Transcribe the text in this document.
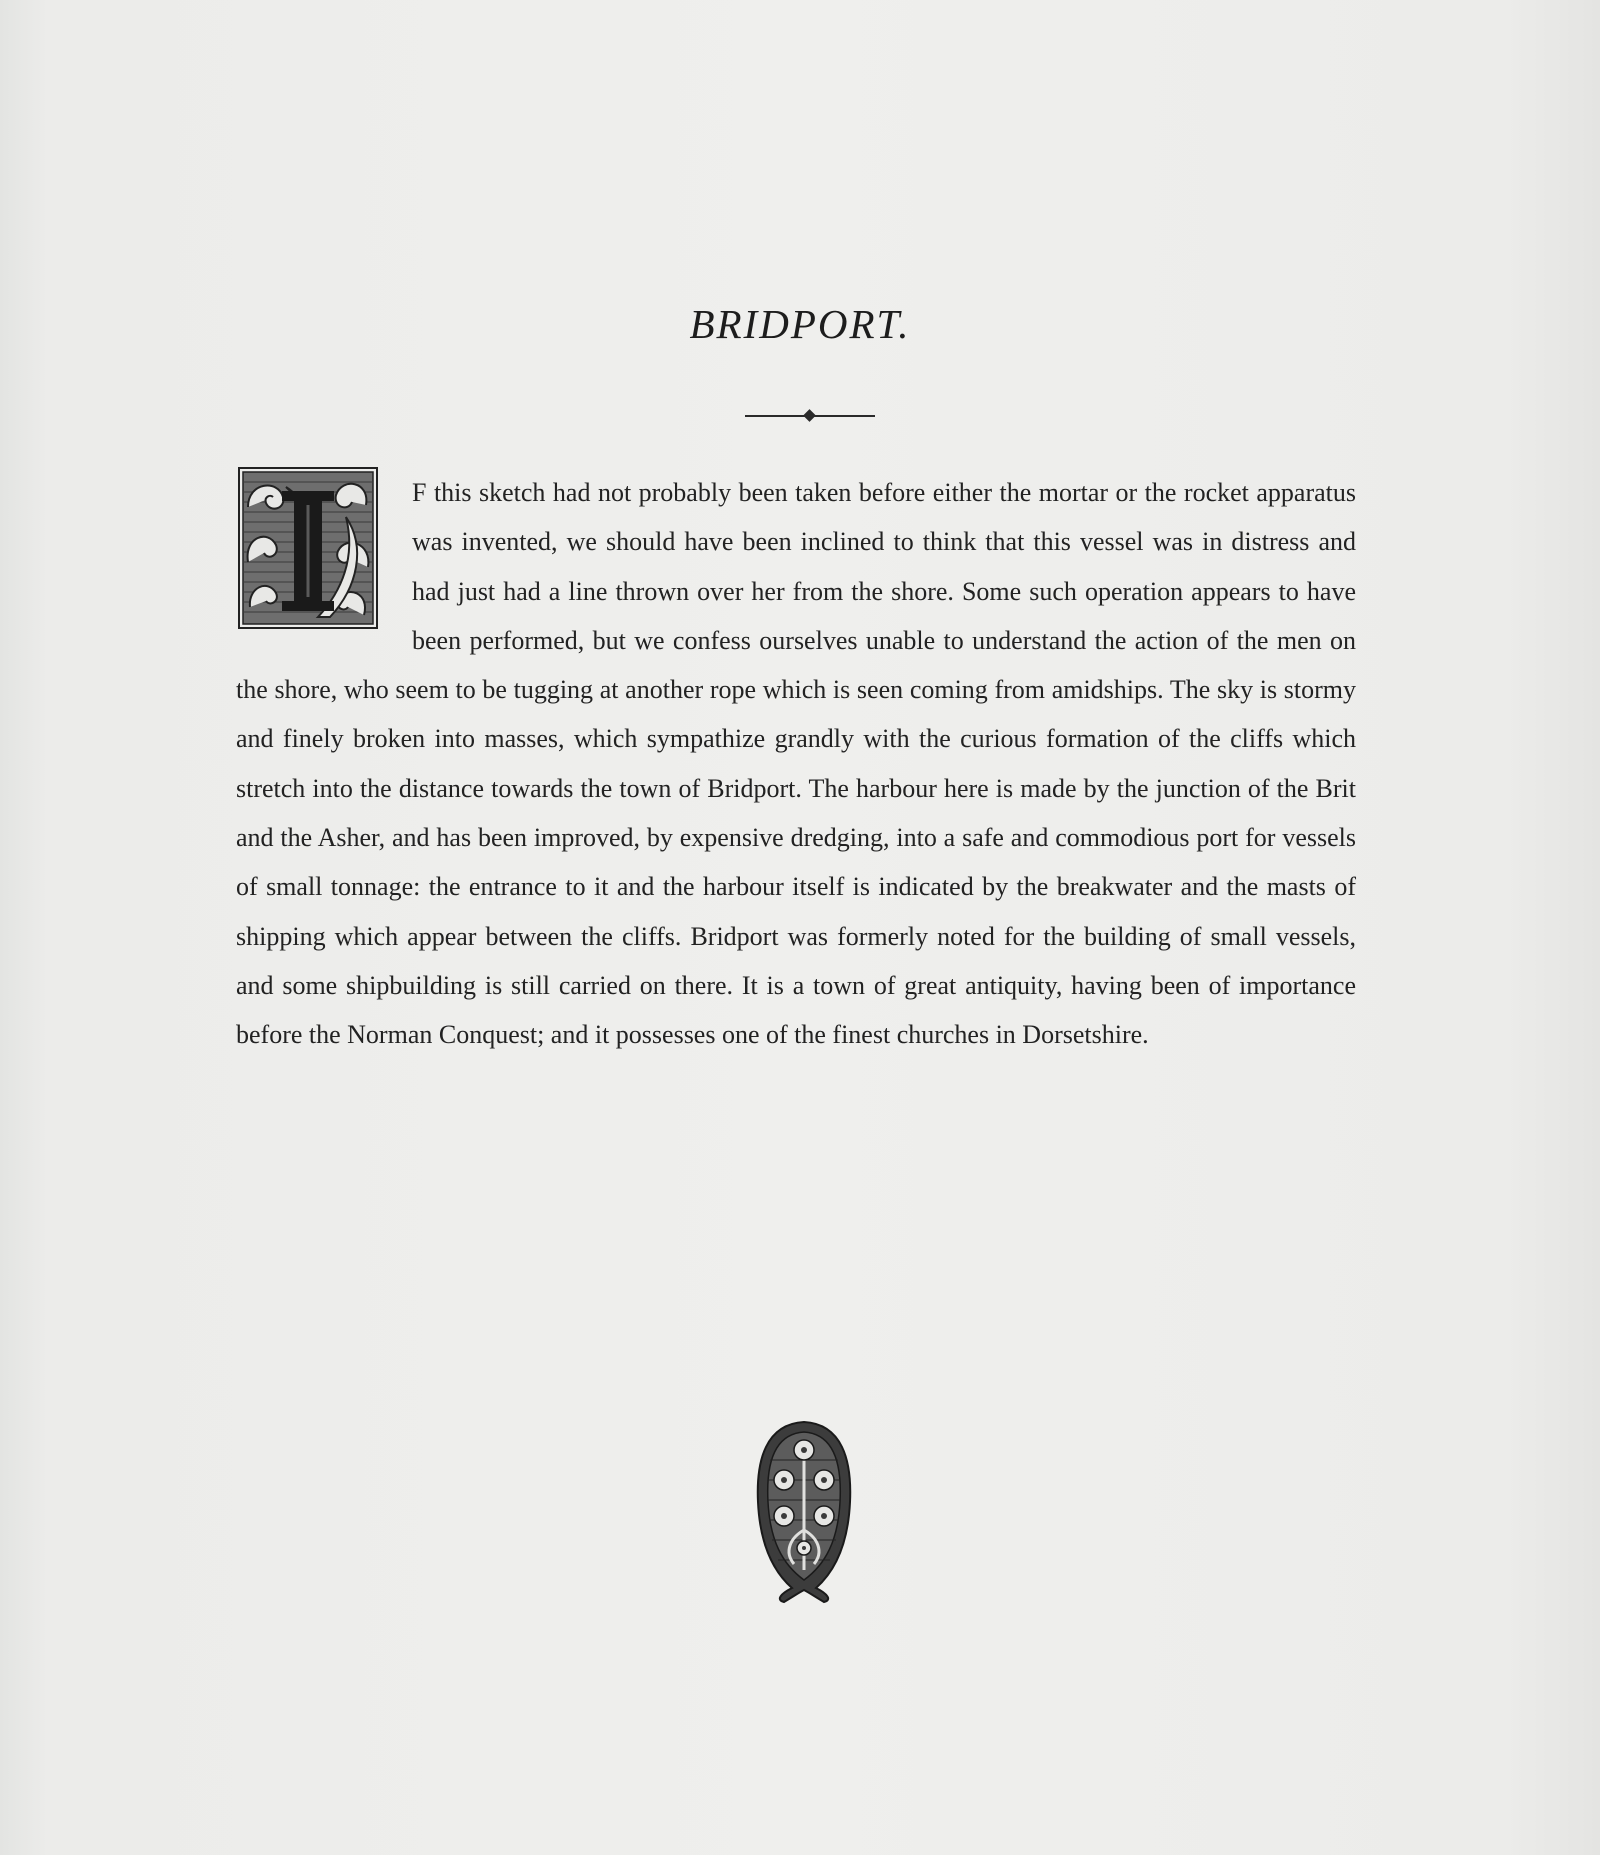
BRIDPORT.
F this sketch had not probably been taken before either the mortar or the rocket apparatus was invented, we should have been inclined to think that this vessel was in distress and had just had a line thrown over her from the shore. Some such operation appears to have been performed, but we confess ourselves unable to understand the action of the men on the shore, who seem to be tugging at another rope which is seen coming from amidships. The sky is stormy and finely broken into masses, which sympathize grandly with the curious formation of the cliffs which stretch into the distance towards the town of Bridport. The harbour here is made by the junction of the Brit and the Asher, and has been improved, by expensive dredging, into a safe and commodious port for vessels of small tonnage: the entrance to it and the harbour itself is indicated by the breakwater and the masts of shipping which appear between the cliffs. Bridport was formerly noted for the building of small vessels, and some shipbuilding is still carried on there. It is a town of great antiquity, having been of importance before the Norman Conquest; and it possesses one of the finest churches in Dorsetshire.
